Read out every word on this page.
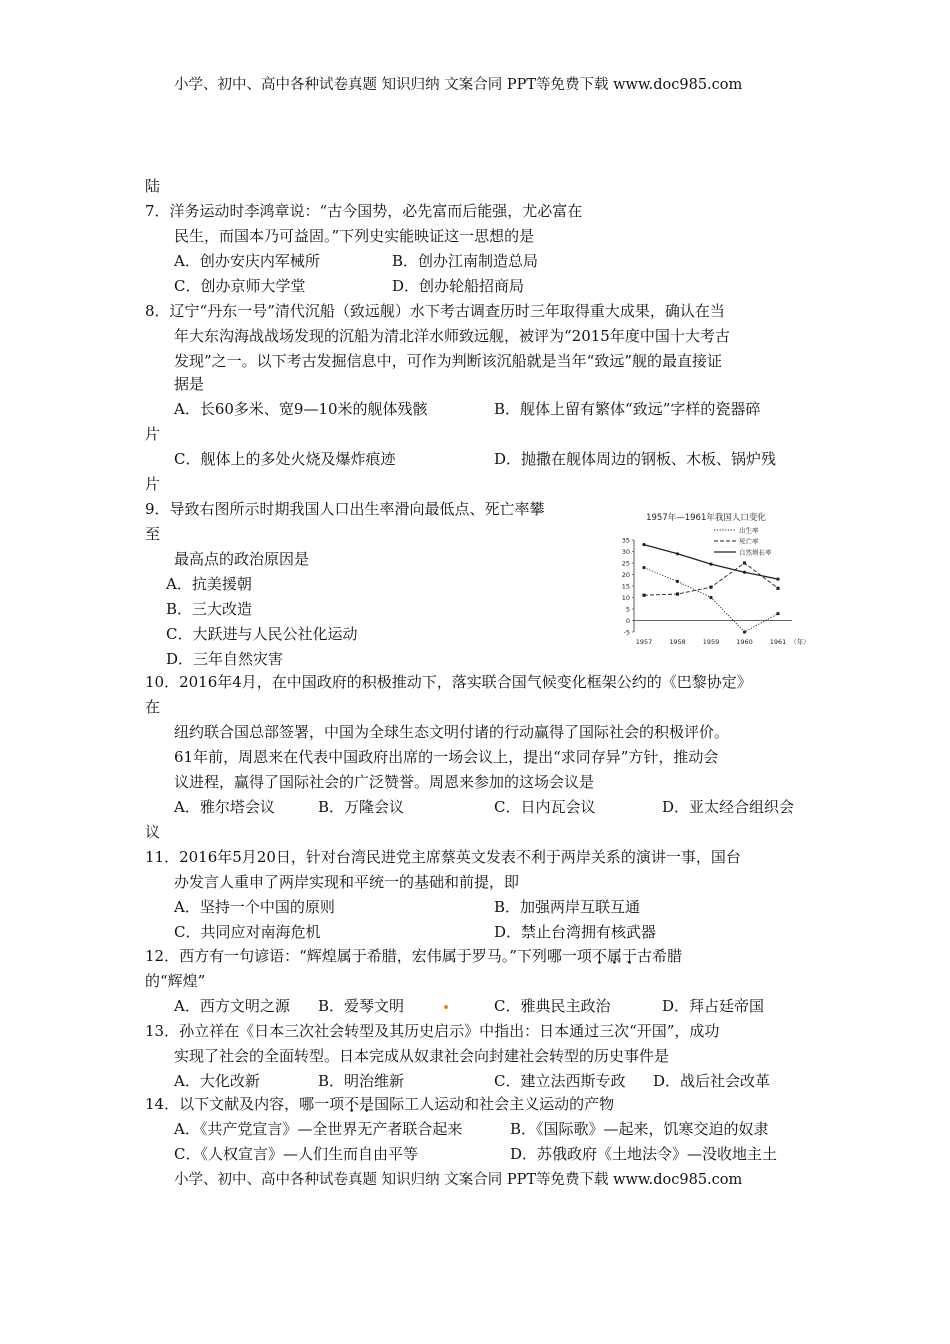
小学、初中、高中各种试卷真题 知识归纳 文案合同 PPT等免费下载 www.doc985.com
陆
7．洋务运动时李鸿章说：“古今国势，必先富而后能强，尤必富在
民生，而国本乃可益固。”下列史实能映证这一思想的是
A．创办安庆内军械所	B．创办江南制造总局
C．创办京师大学堂	D．创办轮船招商局
8．辽宁“丹东一号”清代沉船（致远舰）水下考古调查历时三年取得重大成果，确认在当
年大东沟海战战场发现的沉船为清北洋水师致远舰，被评为“2015年度中国十大考古
发现”之一。以下考古发掘信息中，可作为判断该沉船就是当年“致远”舰的最直接证
据是
A．长60多米、宽9—10米的舰体残骸	B．舰体上留有繁体“致远”字样的瓷器碎
片
C．舰体上的多处火烧及爆炸痕迹	D．抛撒在舰体周边的钢板、木板、锅炉残
片
9．导致右图所示时期我国人口出生率滑向最低点、死亡率攀
至
最高点的政治原因是
A．抗美援朝
B．三大改造
C．大跃进与人民公社化运动
D．三年自然灾害
1957年—1961年我国人口变化
出生率
死亡率
自然增长率
35
30
25
20
15
10
5
0
-5
1957	1958	1959	1960	1961 （年）
10．2016年4月，在中国政府的积极推动下，落实联合国气候变化框架公约的《巴黎协定》
在
纽约联合国总部签署，中国为全球生态文明付诸的行动赢得了国际社会的积极评价。
61年前，周恩来在代表中国政府出席的一场会议上，提出“求同存异”方针，推动会
议进程，赢得了国际社会的广泛赞誉。周恩来参加的这场会议是
A．雅尔塔会议	B．万隆会议	C．日内瓦会议	D．亚太经合组织会
议
11．2016年5月20日，针对台湾民进党主席蔡英文发表不利于两岸关系的演讲一事，国台
办发言人重申了两岸实现和平统一的基础和前提，即
A．坚持一个中国的原则	B．加强两岸互联互通
C．共同应对南海危机	D．禁止台湾拥有核武器
12．西方有一句谚语：“辉煌属于希腊，宏伟属于罗马。”下列哪一项不属于古希腊
的“辉煌”
A．西方文明之源 B．爱琴文明	C．雅典民主政治	D．拜占廷帝国
13．孙立祥在《日本三次社会转型及其历史启示》中指出：日本通过三次“开国”，成功
实现了社会的全面转型。日本完成从奴隶社会向封建社会转型的历史事件是
A．大化改新	B．明治维新	C．建立法西斯专政 D．战后社会改革
14．以下文献及内容，哪一项不是国际工人运动和社会主义运动的产物
A．《共产党宣言》—全世界无产者联合起来	B．《国际歌》—起来，饥寒交迫的奴隶
C．《人权宣言》—人们生而自由平等	D．苏俄政府《土地法令》—没收地主土
小学、初中、高中各种试卷真题 知识归纳 文案合同 PPT等免费下载 www.doc985.com
